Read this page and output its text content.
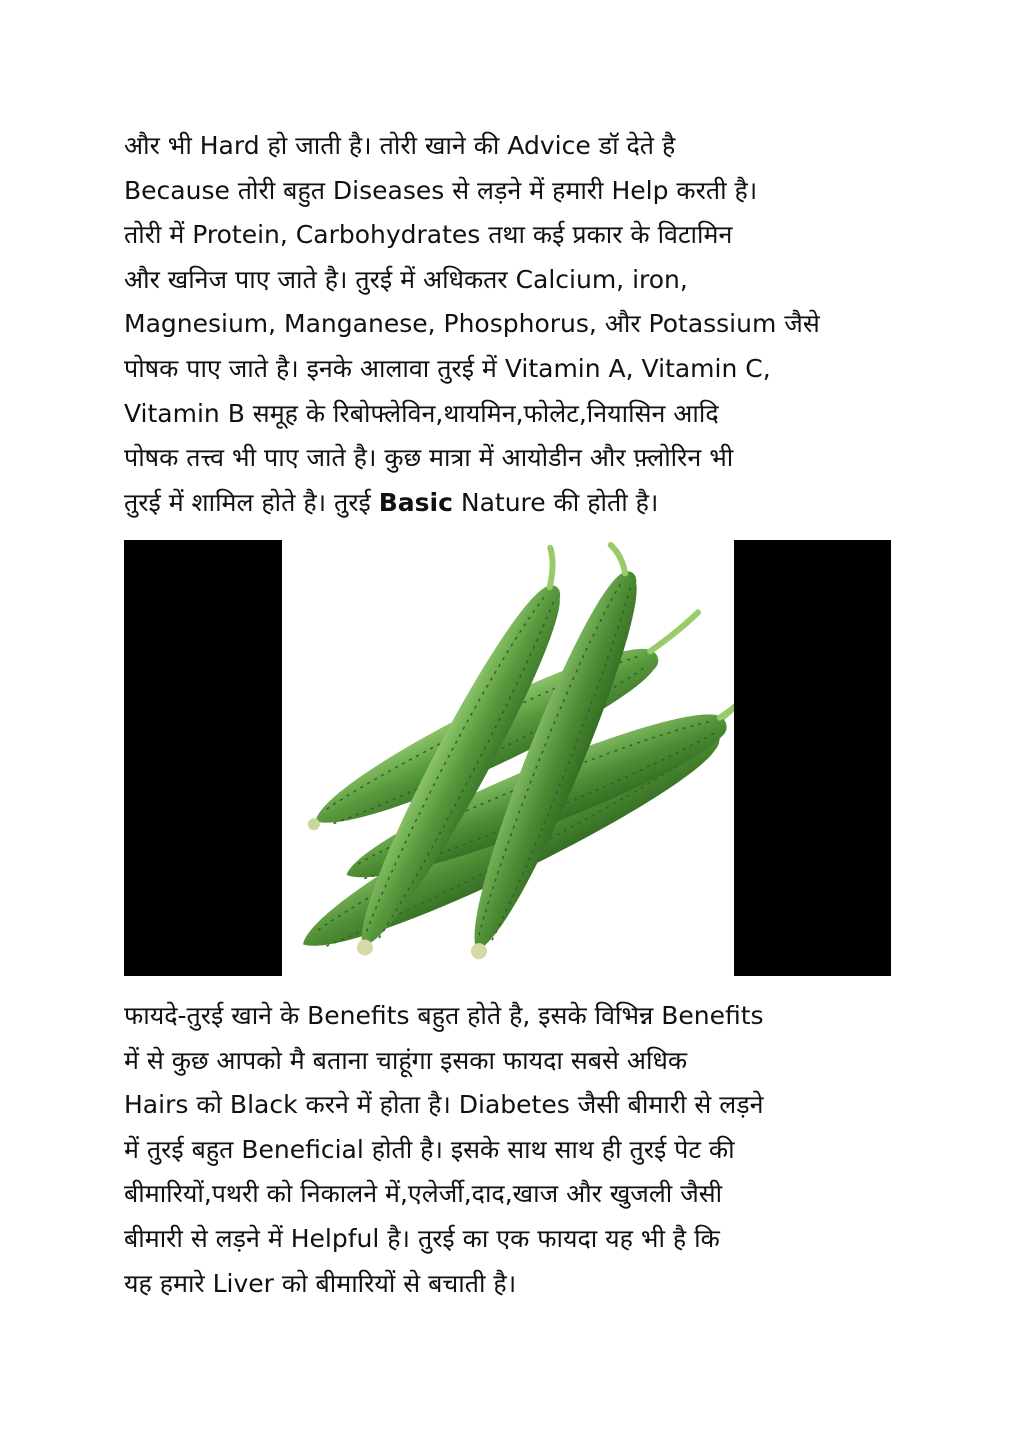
और भी Hard हो जाती है। तोरी खाने की Advice डॉ देते है
Because तोरी बहुत Diseases से लड़ने में हमारी Help करती है।
तोरी में Protein, Carbohydrates तथा कई प्रकार के विटामिन
और खनिज पाए जाते है। तुरई में अधिकतर Calcium, iron,
Magnesium, Manganese, Phosphorus, और Potassium जैसे
पोषक पाए जाते है। इनके आलावा तुरई में Vitamin A, Vitamin C,
Vitamin B समूह के रिबोफ्लेविन,थायमिन,फोलेट,नियासिन आदि
पोषक तत्त्व भी पाए जाते है। कुछ मात्रा में आयोडीन और फ़्लोरिन भी
तुरई में शामिल होते है। तुरई Basic Nature की होती है।
फायदे-तुरई खाने के Benefits बहुत होते है, इसके विभिन्न Benefits
में से कुछ आपको मै बताना चाहूंगा इसका फायदा सबसे अधिक
Hairs को Black करने में होता है। Diabetes जैसी बीमारी से लड़ने
में तुरई बहुत Beneficial होती है। इसके साथ साथ ही तुरई पेट की
बीमारियों,पथरी को निकालने में,एलेर्जी,दाद,खाज और खुजली जैसी
बीमारी से लड़ने में Helpful है। तुरई का एक फायदा यह भी है कि
यह हमारे Liver को बीमारियों से बचाती है।
